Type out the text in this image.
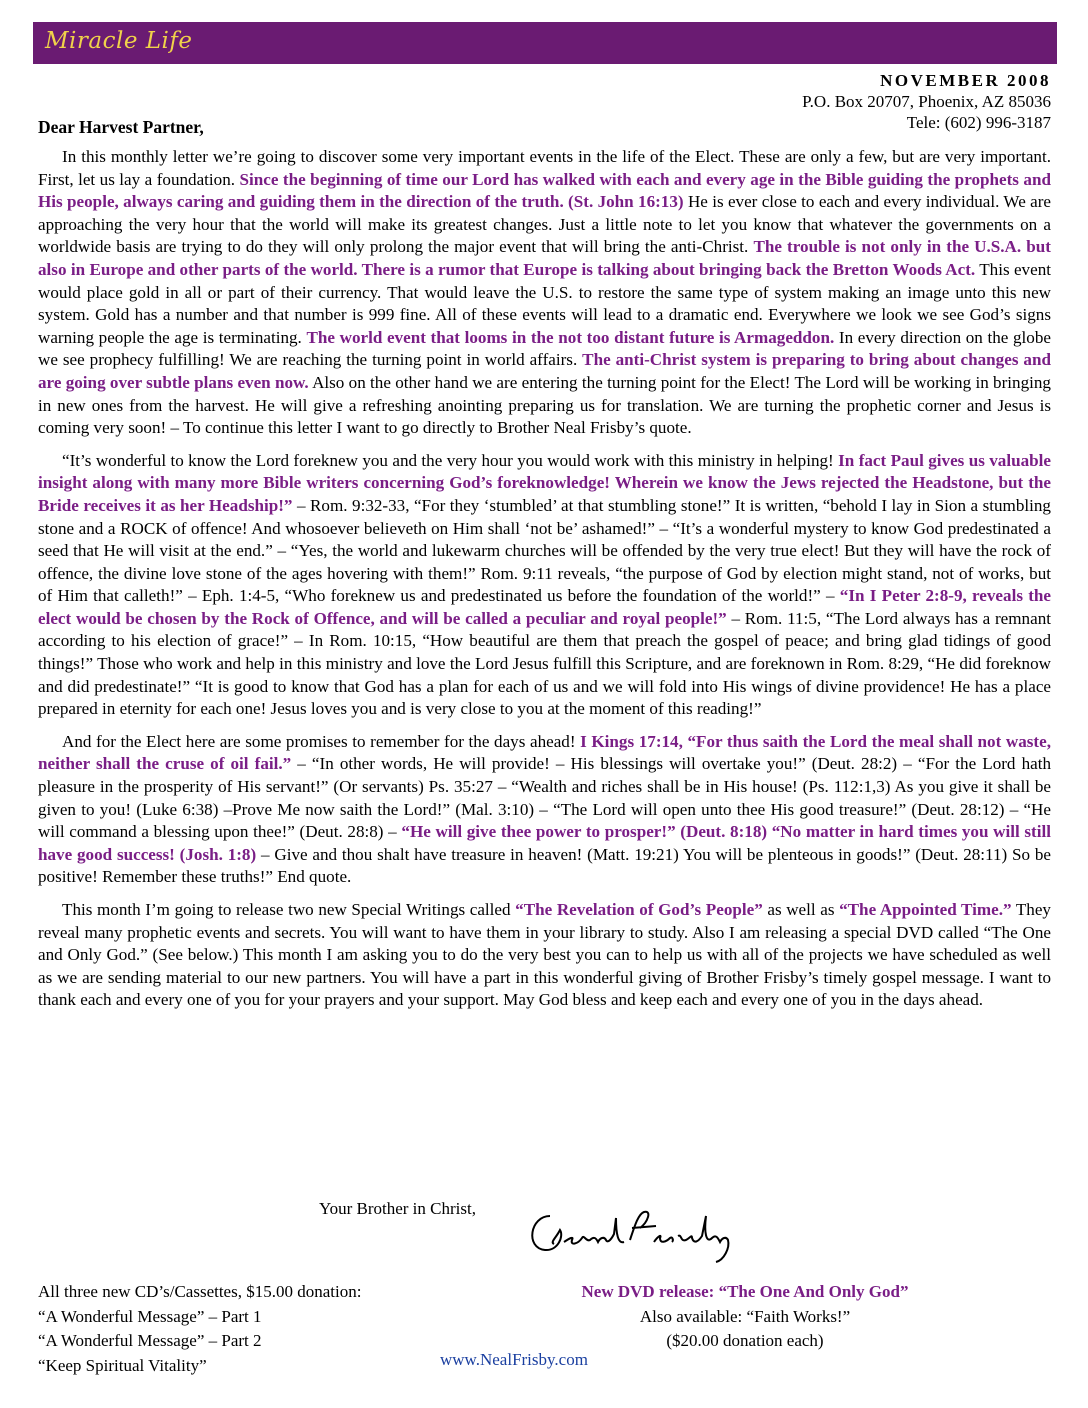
Miracle Life
NOVEMBER 2008
P.O. Box 20707, Phoenix, AZ 85036
Tele: (602) 996-3187
Dear Harvest Partner,

In this monthly letter we’re going to discover some very important events in the life of the Elect. These are only a few, but are very important. First, let us lay a foundation. Since the beginning of time our Lord has walked with each and every age in the Bible guiding the prophets and His people, always caring and guiding them in the direction of the truth. (St. John 16:13) He is ever close to each and every individual. We are approaching the very hour that the world will make its greatest changes. Just a little note to let you know that whatever the governments on a worldwide basis are trying to do they will only prolong the major event that will bring the anti-Christ. The trouble is not only in the U.S.A. but also in Europe and other parts of the world. There is a rumor that Europe is talking about bringing back the Bretton Woods Act. This event would place gold in all or part of their currency. That would leave the U.S. to restore the same type of system making an image unto this new system. Gold has a number and that number is 999 fine. All of these events will lead to a dramatic end. Everywhere we look we see God’s signs warning people the age is terminating. The world event that looms in the not too distant future is Armageddon. In every direction on the globe we see prophecy fulfilling! We are reaching the turning point in world affairs. The anti-Christ system is preparing to bring about changes and are going over subtle plans even now. Also on the other hand we are entering the turning point for the Elect! The Lord will be working in bringing in new ones from the harvest. He will give a refreshing anointing preparing us for translation. We are turning the prophetic corner and Jesus is coming very soon! – To continue this letter I want to go directly to Brother Neal Frisby’s quote.

“It’s wonderful to know the Lord foreknew you and the very hour you would work with this ministry in helping! In fact Paul gives us valuable insight along with many more Bible writers concerning God’s foreknowledge! Wherein we know the Jews rejected the Headstone, but the Bride receives it as her Headship!” – Rom. 9:32-33, “For they ‘stumbled’ at that stumbling stone!” It is written, “behold I lay in Sion a stumbling stone and a ROCK of offence! And whosoever believeth on Him shall ‘not be’ ashamed!” – “It’s a wonderful mystery to know God predestinated a seed that He will visit at the end.” – “Yes, the world and lukewarm churches will be offended by the very true elect! But they will have the rock of offence, the divine love stone of the ages hovering with them!” Rom. 9:11 reveals, “the purpose of God by election might stand, not of works, but of Him that calleth!” – Eph. 1:4-5, “Who foreknew us and predestinated us before the foundation of the world!” – “In I Peter 2:8-9, reveals the elect would be chosen by the Rock of Offence, and will be called a peculiar and royal people!” – Rom. 11:5, “The Lord always has a remnant according to his election of grace!” – In Rom. 10:15, “How beautiful are them that preach the gospel of peace; and bring glad tidings of good things!” Those who work and help in this ministry and love the Lord Jesus fulfill this Scripture, and are foreknown in Rom. 8:29, “He did foreknow and did predestinate!” “It is good to know that God has a plan for each of us and we will fold into His wings of divine providence! He has a place prepared in eternity for each one! Jesus loves you and is very close to you at the moment of this reading!”

And for the Elect here are some promises to remember for the days ahead! I Kings 17:14, “For thus saith the Lord the meal shall not waste, neither shall the cruse of oil fail.” – “In other words, He will provide! – His blessings will overtake you!” (Deut. 28:2) – “For the Lord hath pleasure in the prosperity of His servant!” (Or servants) Ps. 35:27 – “Wealth and riches shall be in His house! (Ps. 112:1,3) As you give it shall be given to you! (Luke 6:38) –Prove Me now saith the Lord!” (Mal. 3:10) – “The Lord will open unto thee His good treasure!” (Deut. 28:12) – “He will command a blessing upon thee!” (Deut. 28:8) – “He will give thee power to prosper!” (Deut. 8:18) “No matter in hard times you will still have good success! (Josh. 1:8) – Give and thou shalt have treasure in heaven! (Matt. 19:21) You will be plenteous in goods!” (Deut. 28:11) So be positive! Remember these truths!” End quote.

This month I’m going to release two new Special Writings called “The Revelation of God’s People” as well as “The Appointed Time.” They reveal many prophetic events and secrets. You will want to have them in your library to study. Also I am releasing a special DVD called “The One and Only God.” (See below.) This month I am asking you to do the very best you can to help us with all of the projects we have scheduled as well as we are sending material to our new partners. You will have a part in this wonderful giving of Brother Frisby’s timely gospel message. I want to thank each and every one of you for your prayers and your support. May God bless and keep each and every one of you in the days ahead.

Your Brother in Christ,
All three new CD’s/Cassettes, $15.00 donation:
“A Wonderful Message” – Part 1
“A Wonderful Message” – Part 2
“Keep Spiritual Vitality”
New DVD release: “The One And Only God”
Also available: “Faith Works!”
($20.00 donation each)
www.NealFrisby.com
